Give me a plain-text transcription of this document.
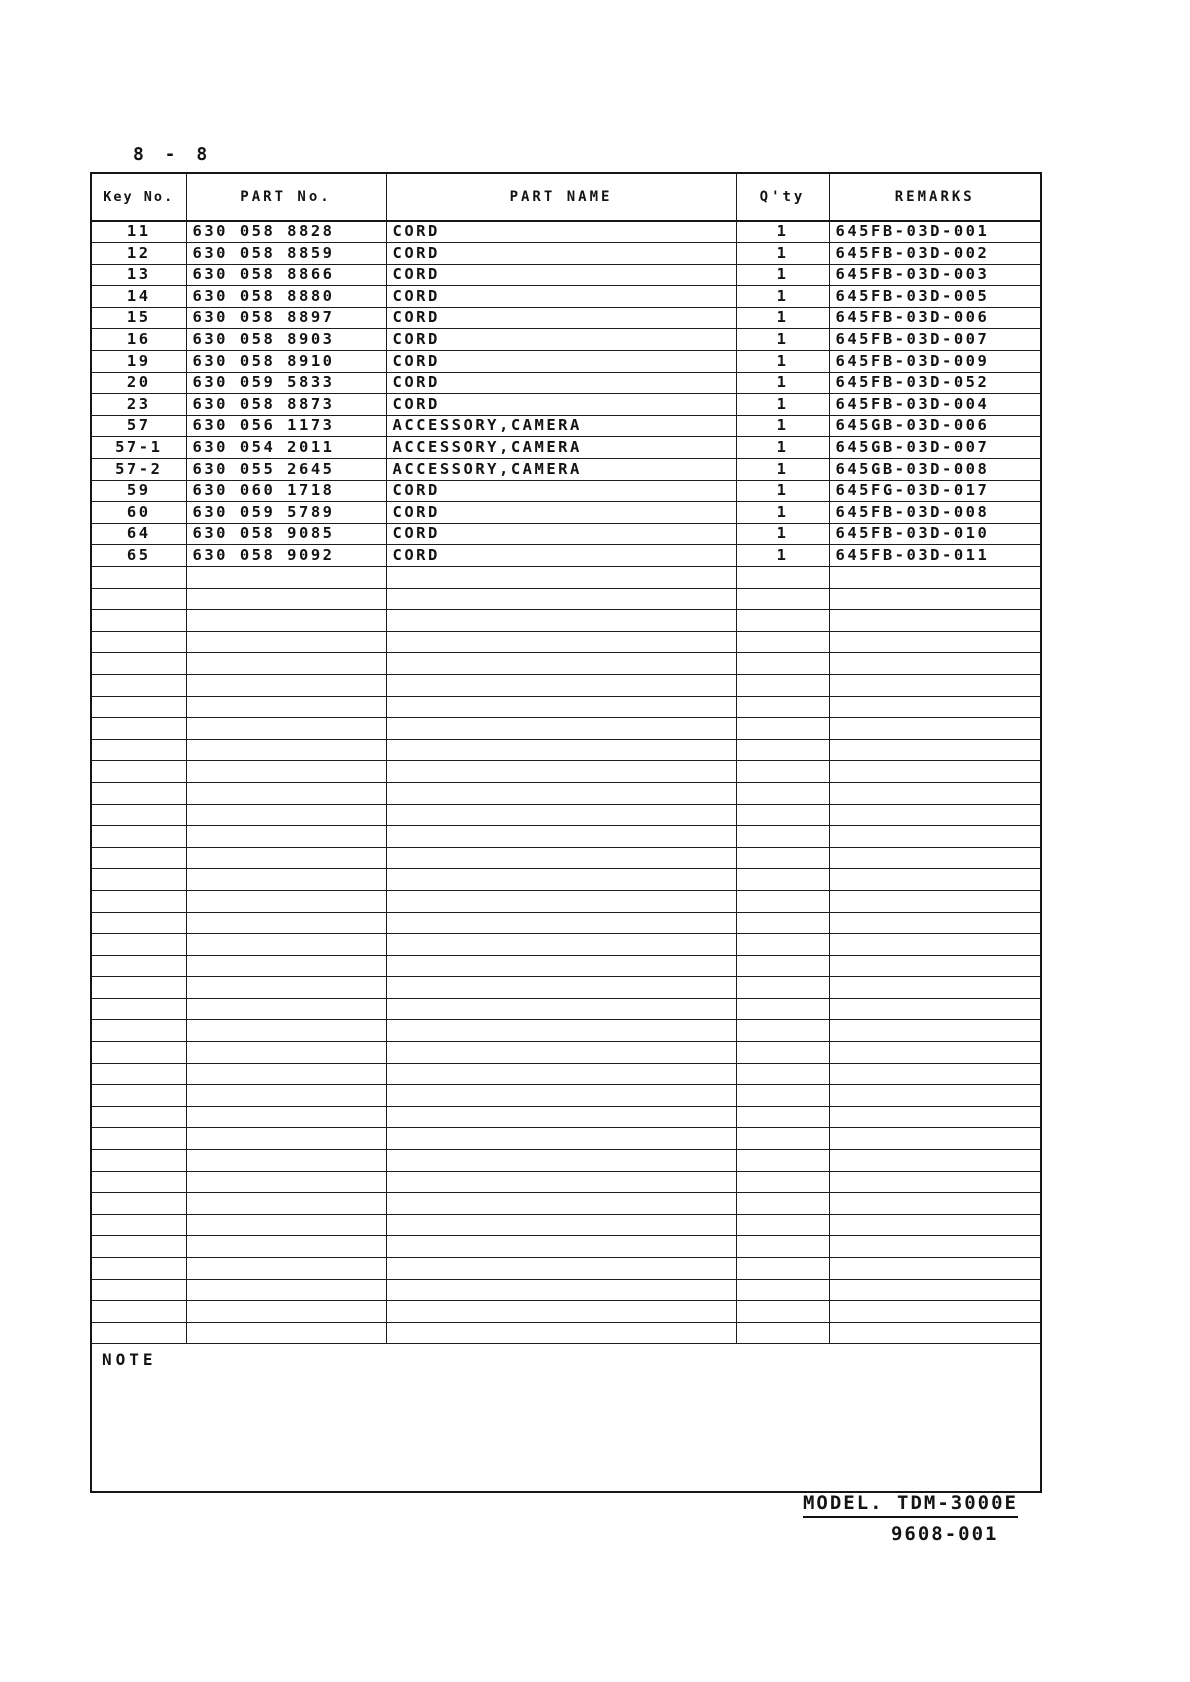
8 - 8
Key No.	PART No.	PART NAME	Q'ty	REMARKS
11	630 058 8828	CORD	1	645FB-03D-001
12	630 058 8859	CORD	1	645FB-03D-002
13	630 058 8866	CORD	1	645FB-03D-003
14	630 058 8880	CORD	1	645FB-03D-005
15	630 058 8897	CORD	1	645FB-03D-006
16	630 058 8903	CORD	1	645FB-03D-007
19	630 058 8910	CORD	1	645FB-03D-009
20	630 059 5833	CORD	1	645FB-03D-052
23	630 058 8873	CORD	1	645FB-03D-004
57	630 056 1173	ACCESSORY,CAMERA	1	645GB-03D-006
57-1	630 054 2011	ACCESSORY,CAMERA	1	645GB-03D-007
57-2	630 055 2645	ACCESSORY,CAMERA	1	645GB-03D-008
59	630 060 1718	CORD	1	645FG-03D-017
60	630 059 5789	CORD	1	645FB-03D-008
64	630 058 9085	CORD	1	645FB-03D-010
65	630 058 9092	CORD	1	645FB-03D-011

NOTE				
MODEL. TDM-3000E
9608-001
